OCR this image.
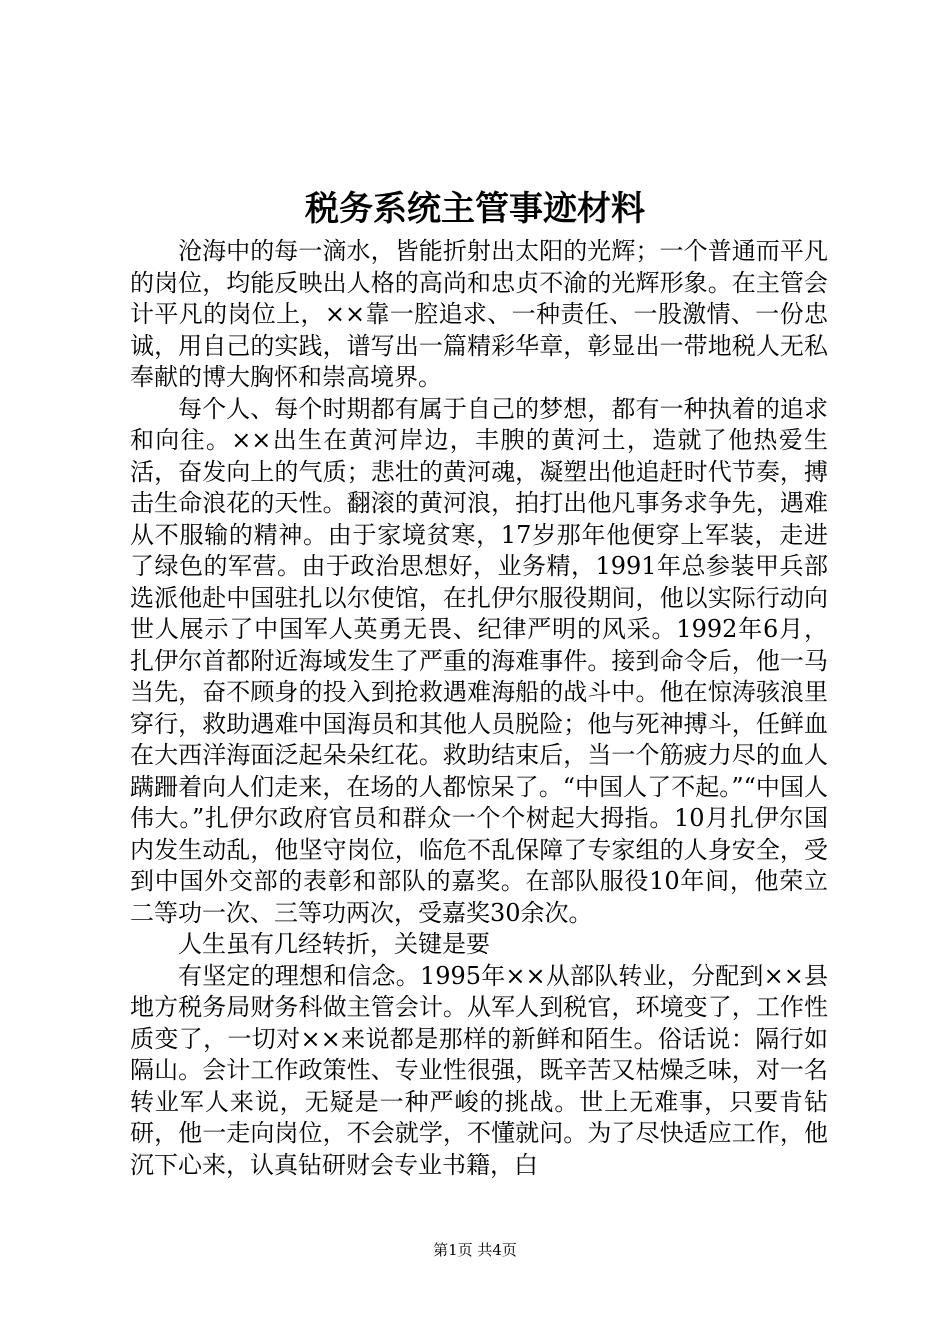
税务系统主管事迹材料

沧海中的每一滴水，皆能折射出太阳的光辉；一个普通而平凡的岗位，均能反映出人格的高尚和忠贞不渝的光辉形象。在主管会计平凡的岗位上，××靠一腔追求、一种责任、一股激情、一份忠诚，用自己的实践，谱写出一篇精彩华章，彰显出一带地税人无私奉献的博大胸怀和崇高境界。

每个人、每个时期都有属于自己的梦想，都有一种执着的追求和向往。××出生在黄河岸边，丰腴的黄河土，造就了他热爱生活，奋发向上的气质；悲壮的黄河魂，凝塑出他追赶时代节奏，搏击生命浪花的天性。翻滚的黄河浪，拍打出他凡事务求争先，遇难从不服输的精神。由于家境贫寒，17岁那年他便穿上军装，走进了绿色的军营。由于政治思想好，业务精，1991年总参装甲兵部选派他赴中国驻扎以尔使馆，在扎伊尔服役期间，他以实际行动向世人展示了中国军人英勇无畏、纪律严明的风采。1992年6月，扎伊尔首都附近海域发生了严重的海难事件。接到命令后，他一马当先，奋不顾身的投入到抢救遇难海船的战斗中。他在惊涛骇浪里穿行，救助遇难中国海员和其他人员脱险；他与死神搏斗，任鲜血在大西洋海面泛起朵朵红花。救助结束后，当一个筋疲力尽的血人蹒跚着向人们走来，在场的人都惊呆了。“中国人了不起。”“中国人伟大。”扎伊尔政府官员和群众一个个树起大拇指。10月扎伊尔国内发生动乱，他坚守岗位，临危不乱保障了专家组的人身安全，受到中国外交部的表彰和部队的嘉奖。在部队服役10年间，他荣立二等功一次、三等功两次，受嘉奖30余次。

人生虽有几经转折，关键是要

有坚定的理想和信念。1995年××从部队转业，分配到××县地方税务局财务科做主管会计。从军人到税官，环境变了，工作性质变了，一切对××来说都是那样的新鲜和陌生。俗话说：隔行如隔山。会计工作政策性、专业性很强，既辛苦又枯燥乏味，对一名转业军人来说，无疑是一种严峻的挑战。世上无难事，只要肯钻研，他一走向岗位，不会就学，不懂就问。为了尽快适应工作，他沉下心来，认真钻研财会专业书籍，白

第1页 共4页
